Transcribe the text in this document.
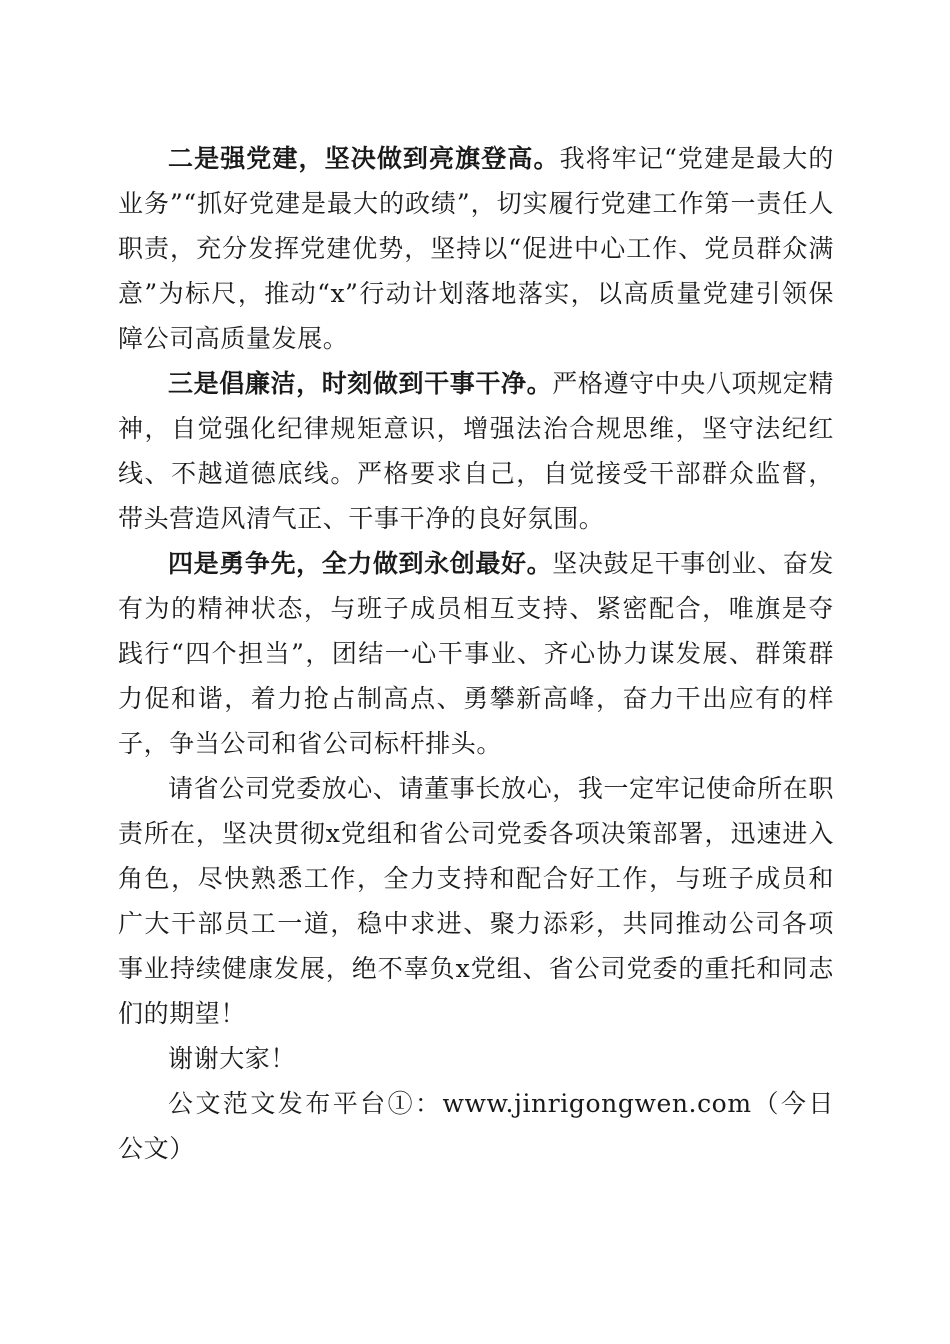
二是强党建，坚决做到亮旗登高。我将牢记“党建是最大的业务”“抓好党建是最大的政绩”，切实履行党建工作第一责任人职责，充分发挥党建优势，坚持以“促进中心工作、党员群众满意”为标尺，推动“x”行动计划落地落实，以高质量党建引领保障公司高质量发展。

三是倡廉洁，时刻做到干事干净。严格遵守中央八项规定精神，自觉强化纪律规矩意识，增强法治合规思维，坚守法纪红线、不越道德底线。严格要求自己，自觉接受干部群众监督，带头营造风清气正、干事干净的良好氛围。

四是勇争先，全力做到永创最好。坚决鼓足干事创业、奋发有为的精神状态，与班子成员相互支持、紧密配合，唯旗是夺践行“四个担当”，团结一心干事业、齐心协力谋发展、群策群力促和谐，着力抢占制高点、勇攀新高峰，奋力干出应有的样子，争当公司和省公司标杆排头。

请省公司党委放心、请董事长放心，我一定牢记使命所在职责所在，坚决贯彻x党组和省公司党委各项决策部署，迅速进入角色，尽快熟悉工作，全力支持和配合好工作，与班子成员和广大干部员工一道，稳中求进、聚力添彩，共同推动公司各项事业持续健康发展，绝不辜负x党组、省公司党委的重托和同志们的期望！

谢谢大家！

公文范文发布平台①：www.jinrigongwen.com（今日公文）
